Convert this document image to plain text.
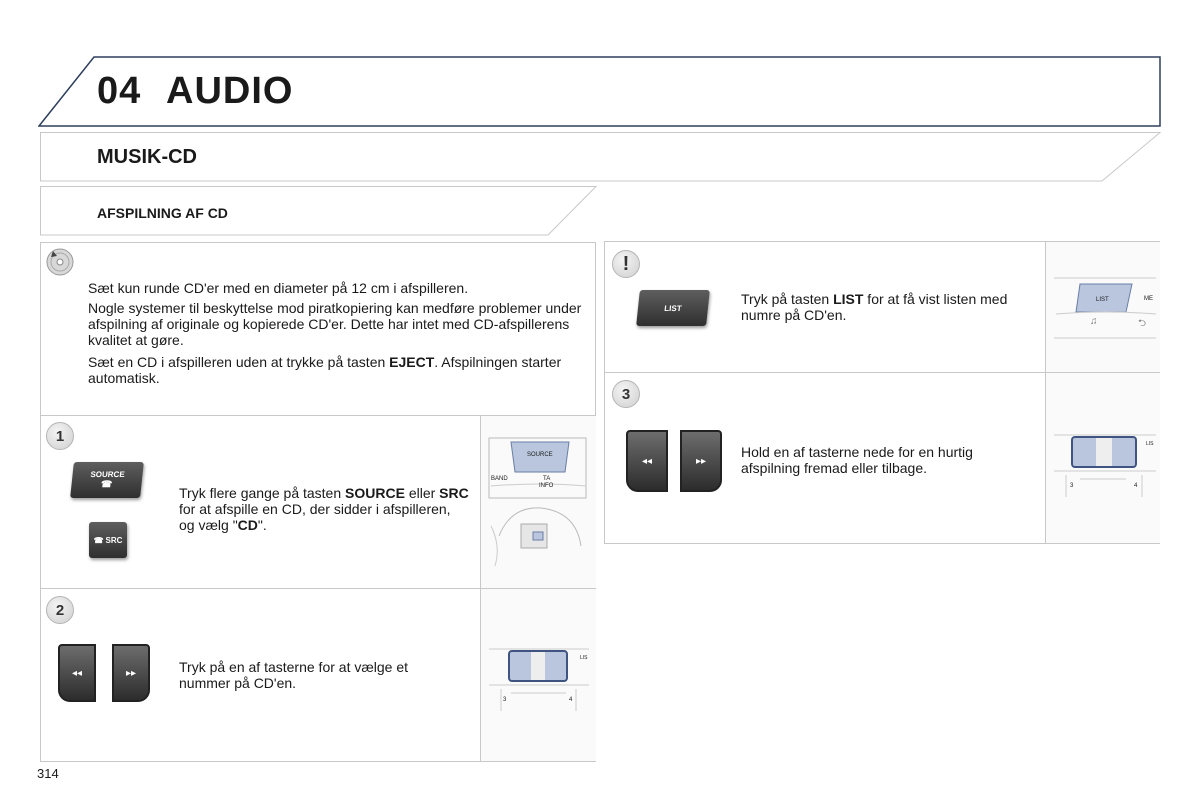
04 AUDIO
MUSIK-CD
AFSPILNING AF CD
Sæt kun runde CD'er med en diameter på 12 cm i afspilleren.
Nogle systemer til beskyttelse mod piratkopiering kan medføre problemer under afspilning af originale og kopierede CD'er. Dette har intet med CD-afspillerens kvalitet at gøre.
Sæt en CD i afspilleren uden at trykke på tasten EJECT. Afspilningen starter automatisk.
1
SOURCE
☎
☎ SRC
Tryk flere gange på tasten SOURCE eller SRC for at afspille en CD, der sidder i afspilleren, og vælg "CD".
SOURCE
BAND	TA
INFO
2
◂◂	▸▸	Tryk på en af tasterne for at vælge et nummer på CD'en.
3	4
LIS
!
LIST
Tryk på tasten LIST for at få vist listen med numre på CD'en.
LIST	ME
♫	⮌
3
◂◂	▸▸
Hold en af tasterne nede for en hurtig afspilning fremad eller tilbage.
3	4
LIS
314
